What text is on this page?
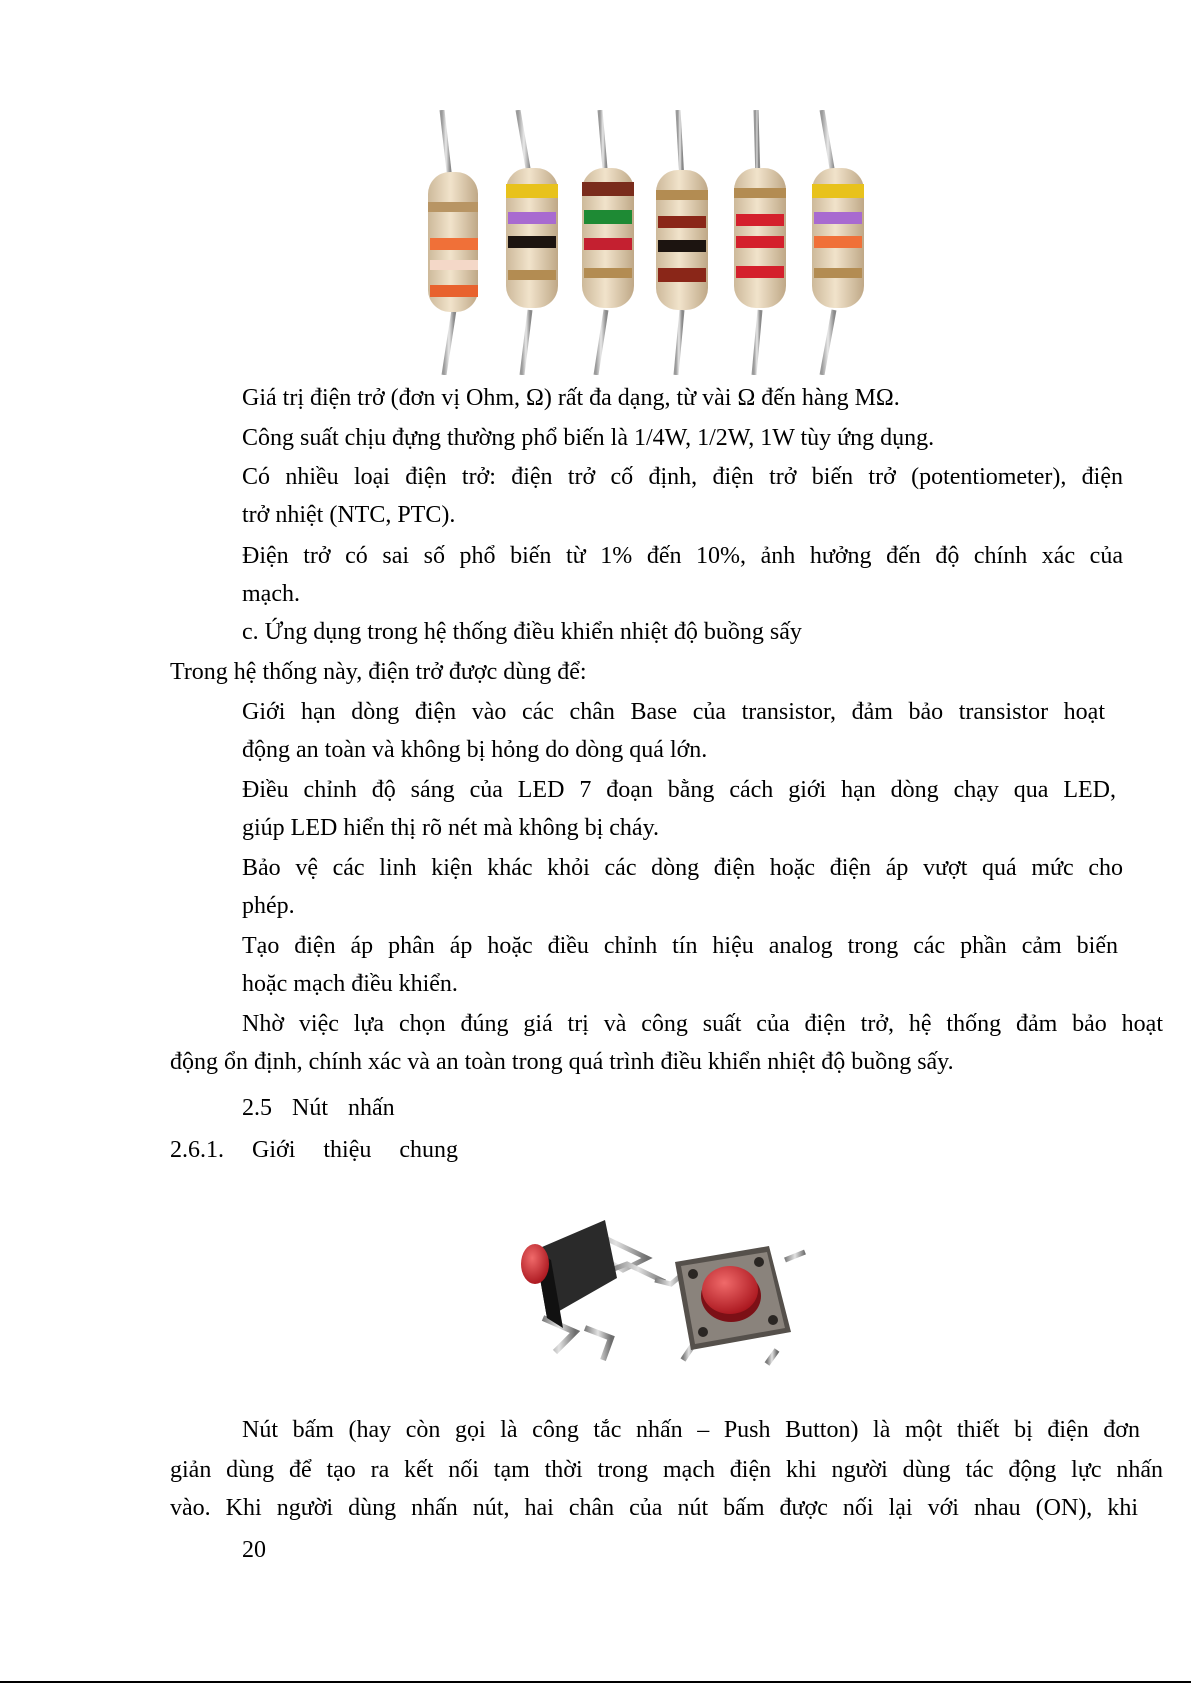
Giá trị điện trở (đơn vị Ohm, Ω) rất đa dạng, từ vài Ω đến hàng MΩ.
Công suất chịu đựng thường phổ biến là 1/4W, 1/2W, 1W tùy ứng dụng.
Có nhiều loại điện trở: điện trở cố định, điện trở biến trở (potentiometer), điện
trở nhiệt (NTC, PTC).
Điện trở có sai số phổ biến từ 1% đến 10%, ảnh hưởng đến độ chính xác của
mạch.
c. Ứng dụng trong hệ thống điều khiển nhiệt độ buồng sấy
Trong hệ thống này, điện trở được dùng để:
Giới hạn dòng điện vào các chân Base của transistor, đảm bảo transistor hoạt
động an toàn và không bị hỏng do dòng quá lớn.
Điều chỉnh độ sáng của LED 7 đoạn bằng cách giới hạn dòng chạy qua LED,
giúp LED hiển thị rõ nét mà không bị cháy.
Bảo vệ các linh kiện khác khỏi các dòng điện hoặc điện áp vượt quá mức cho
phép.
Tạo điện áp phân áp hoặc điều chỉnh tín hiệu analog trong các phần cảm biến
hoặc mạch điều khiển.
Nhờ việc lựa chọn đúng giá trị và công suất của điện trở, hệ thống đảm bảo hoạt
động ổn định, chính xác và an toàn trong quá trình điều khiển nhiệt độ buồng sấy.
2.5 Nút nhấn
2.6.1. Giới thiệu chung
Nút bấm (hay còn gọi là công tắc nhấn – Push Button) là một thiết bị điện đơn
giản dùng để tạo ra kết nối tạm thời trong mạch điện khi người dùng tác động lực nhấn
vào. Khi người dùng nhấn nút, hai chân của nút bấm được nối lại với nhau (ON), khi
20
